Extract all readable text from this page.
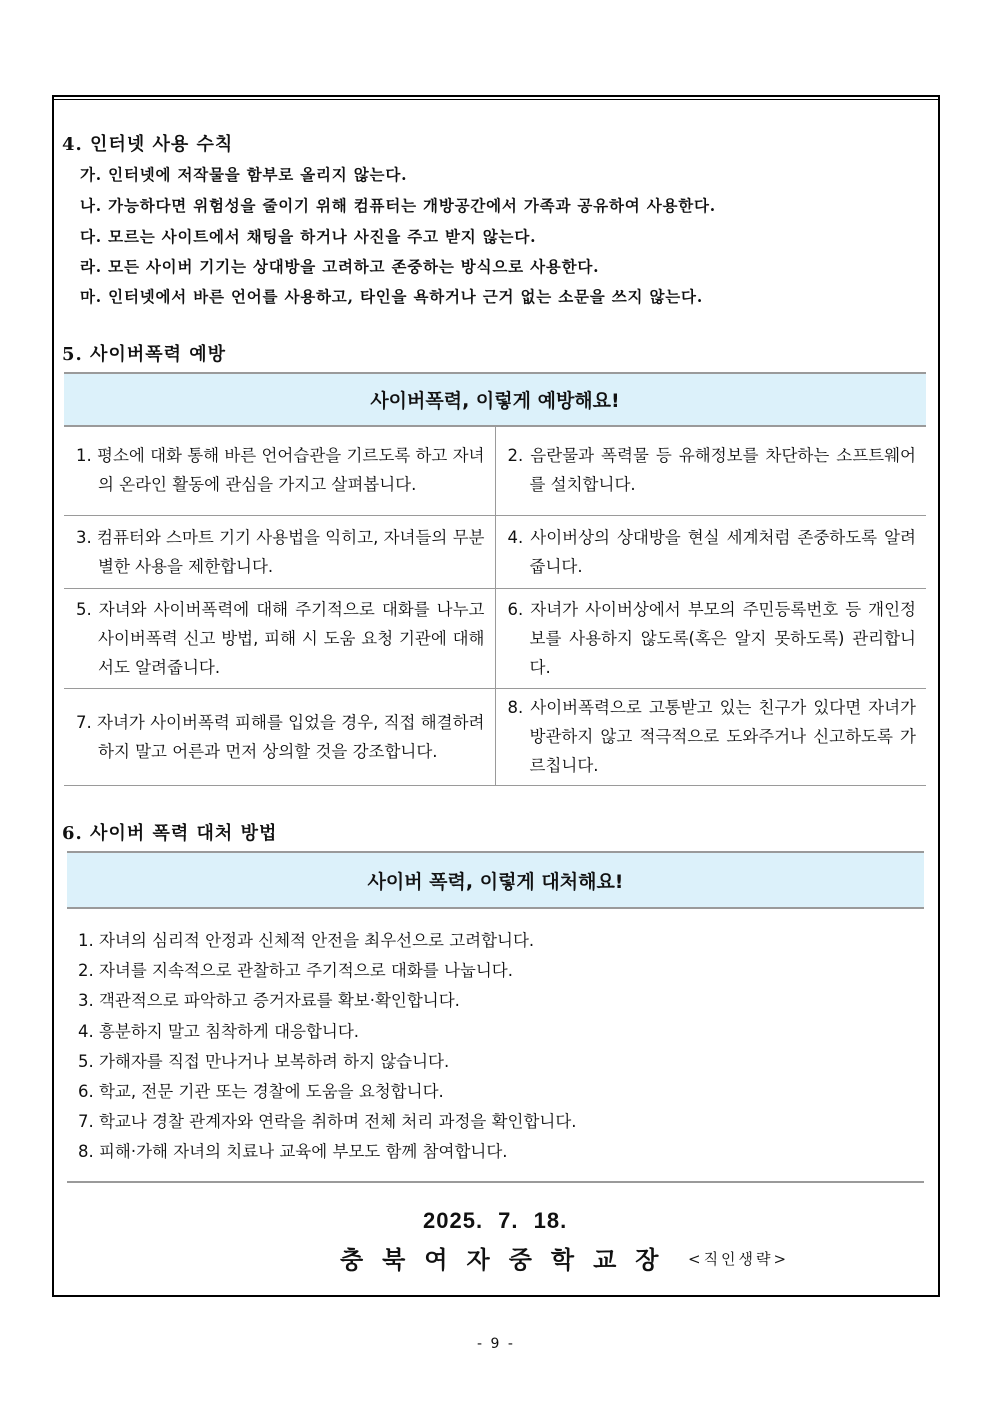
4. 인터넷 사용 수칙
가. 인터넷에 저작물을 함부로 올리지 않는다.
나. 가능하다면 위험성을 줄이기 위해 컴퓨터는 개방공간에서 가족과 공유하여 사용한다.
다. 모르는 사이트에서 채팅을 하거나 사진을 주고 받지 않는다.
라. 모든 사이버 기기는 상대방을 고려하고 존중하는 방식으로 사용한다.
마. 인터넷에서 바른 언어를 사용하고, 타인을 욕하거나 근거 없는 소문을 쓰지 않는다.
5. 사이버폭력 예방
사이버폭력, 이렇게 예방해요!
1. 평소에 대화 통해 바른 언어습관을 기르도록 하고 자녀의 온라인 활동에 관심을 가지고 살펴봅니다.	2. 음란물과 폭력물 등 유해정보를 차단하는 소프트웨어를 설치합니다.

3. 컴퓨터와 스마트 기기 사용법을 익히고, 자녀들의 무분별한 사용을 제한합니다.	4. 사이버상의 상대방을 현실 세계처럼 존중하도록 알려줍니다.

5. 자녀와 사이버폭력에 대해 주기적으로 대화를 나누고 사이버폭력 신고 방법, 피해 시 도움 요청 기관에 대해서도 알려줍니다.	6. 자녀가 사이버상에서 부모의 주민등록번호 등 개인정보를 사용하지 않도록(혹은 알지 못하도록) 관리합니다.

7. 자녀가 사이버폭력 피해를 입었을 경우, 직접 해결하려 하지 말고 어른과 먼저 상의할 것을 강조합니다.	8. 사이버폭력으로 고통받고 있는 친구가 있다면 자녀가 방관하지 않고 적극적으로 도와주거나 신고하도록 가르칩니다.
6. 사이버 폭력 대처 방법
사이버 폭력, 이렇게 대처해요!
1. 자녀의 심리적 안정과 신체적 안전을 최우선으로 고려합니다.
2. 자녀를 지속적으로 관찰하고 주기적으로 대화를 나눕니다.
3. 객관적으로 파악하고 증거자료를 확보·확인합니다.
4. 흥분하지 말고 침착하게 대응합니다.
5. 가해자를 직접 만나거나 보복하려 하지 않습니다.
6. 학교, 전문 기관 또는 경찰에 도움을 요청합니다.
7. 학교나 경찰 관계자와 연락을 취하며 전체 처리 과정을 확인합니다.
8. 피해·가해 자녀의 치료나 교육에 부모도 함께 참여합니다.
2025. 7. 18.
충북여자중학교장 <직인생략>
- 9 -
